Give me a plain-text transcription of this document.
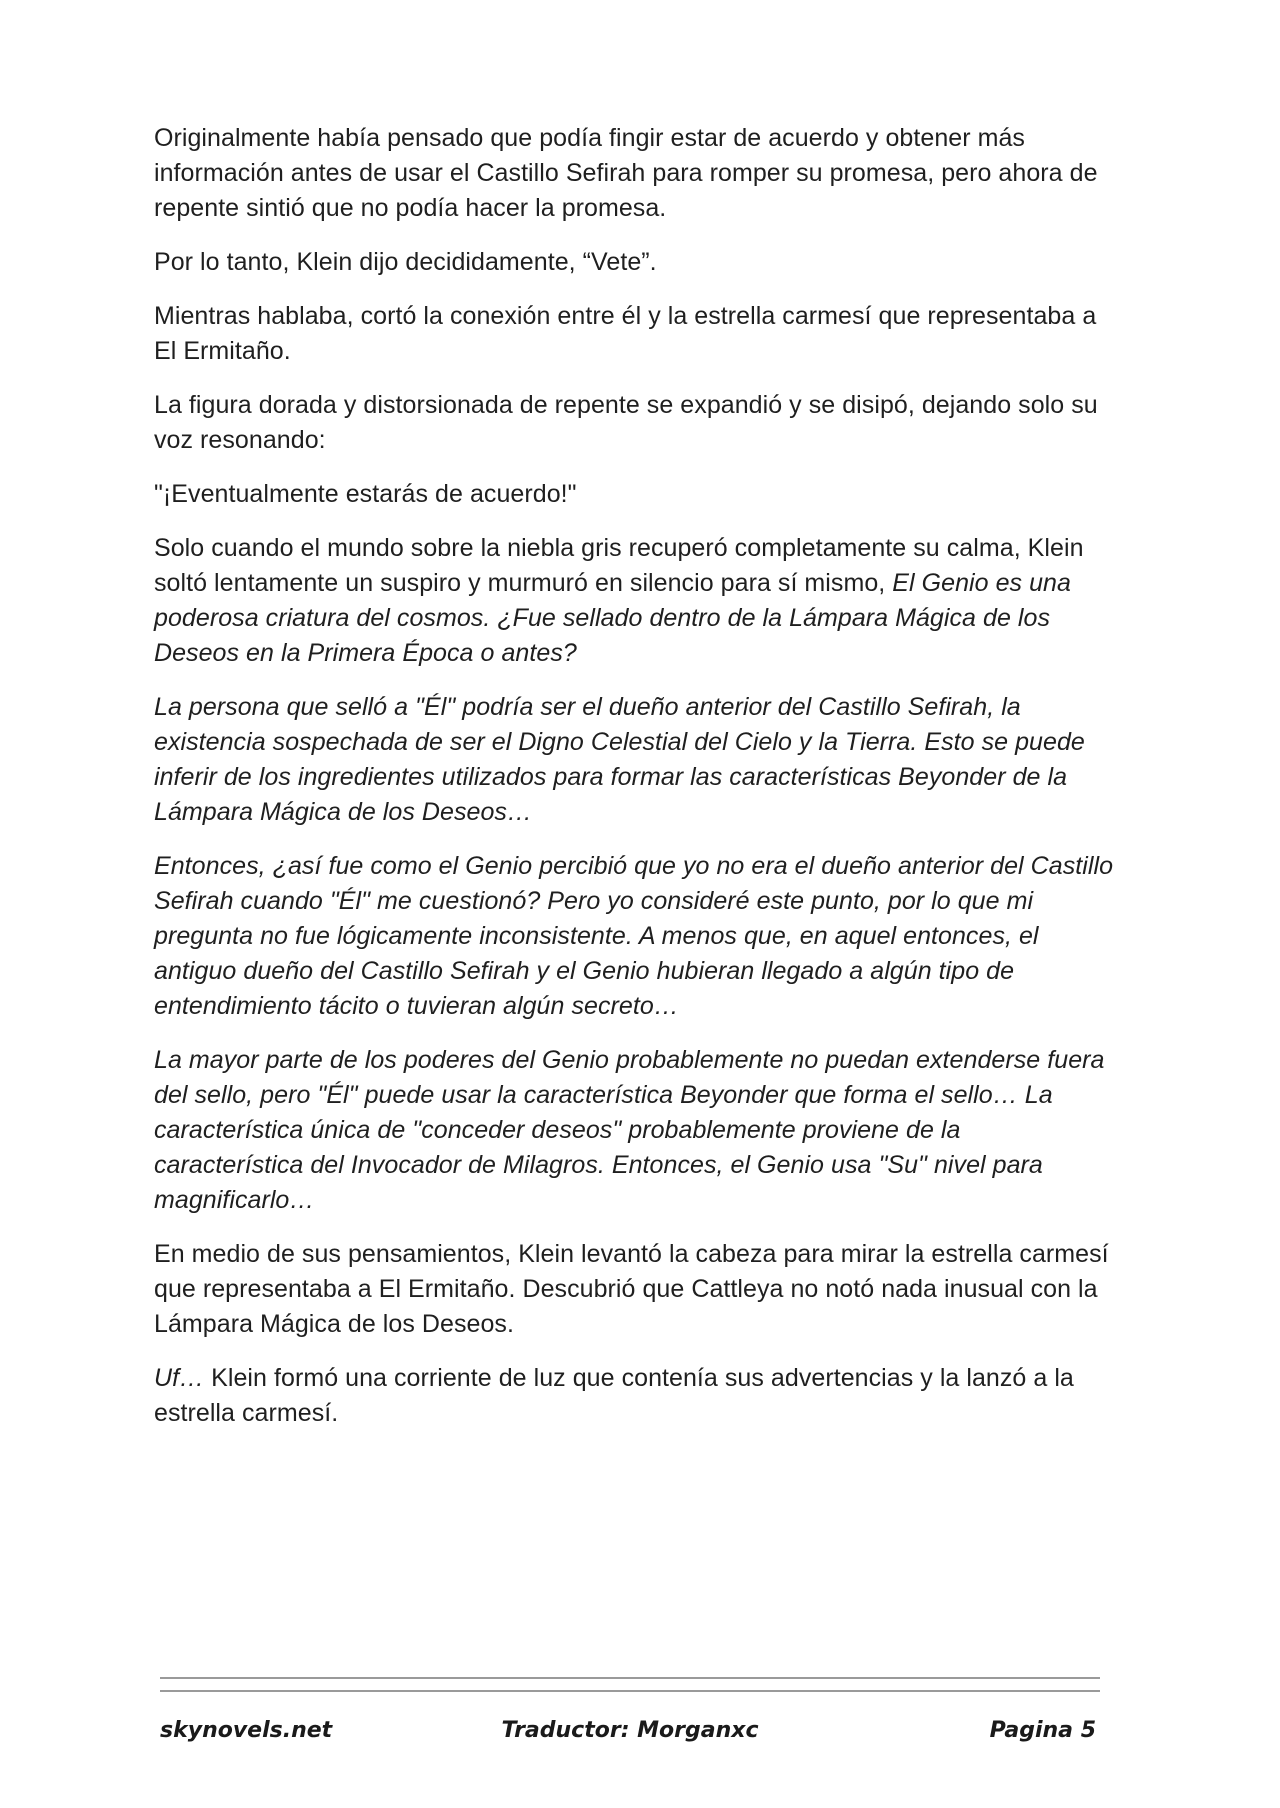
Originalmente había pensado que podía fingir estar de acuerdo y obtener más información antes de usar el Castillo Sefirah para romper su promesa, pero ahora de repente sintió que no podía hacer la promesa.

Por lo tanto, Klein dijo decididamente, “Vete”.

Mientras hablaba, cortó la conexión entre él y la estrella carmesí que representaba a El Ermitaño.

La figura dorada y distorsionada de repente se expandió y se disipó, dejando solo su voz resonando:

"¡Eventualmente estarás de acuerdo!"

Solo cuando el mundo sobre la niebla gris recuperó completamente su calma, Klein soltó lentamente un suspiro y murmuró en silencio para sí mismo, El Genio es una poderosa criatura del cosmos. ¿Fue sellado dentro de la Lámpara Mágica de los Deseos en la Primera Época o antes?

La persona que selló a "Él" podría ser el dueño anterior del Castillo Sefirah, la existencia sospechada de ser el Digno Celestial del Cielo y la Tierra. Esto se puede inferir de los ingredientes utilizados para formar las características Beyonder de la Lámpara Mágica de los Deseos…

Entonces, ¿así fue como el Genio percibió que yo no era el dueño anterior del Castillo Sefirah cuando "Él" me cuestionó? Pero yo consideré este punto, por lo que mi pregunta no fue lógicamente inconsistente. A menos que, en aquel entonces, el antiguo dueño del Castillo Sefirah y el Genio hubieran llegado a algún tipo de entendimiento tácito o tuvieran algún secreto…

La mayor parte de los poderes del Genio probablemente no puedan extenderse fuera del sello, pero "Él" puede usar la característica Beyonder que forma el sello… La característica única de "conceder deseos" probablemente proviene de la característica del Invocador de Milagros. Entonces, el Genio usa "Su" nivel para magnificarlo…

En medio de sus pensamientos, Klein levantó la cabeza para mirar la estrella carmesí que representaba a El Ermitaño. Descubrió que Cattleya no notó nada inusual con la Lámpara Mágica de los Deseos.

Uf… Klein formó una corriente de luz que contenía sus advertencias y la lanzó a la estrella carmesí.

skynovels.net	Traductor: Morganxc	Pagina 5
